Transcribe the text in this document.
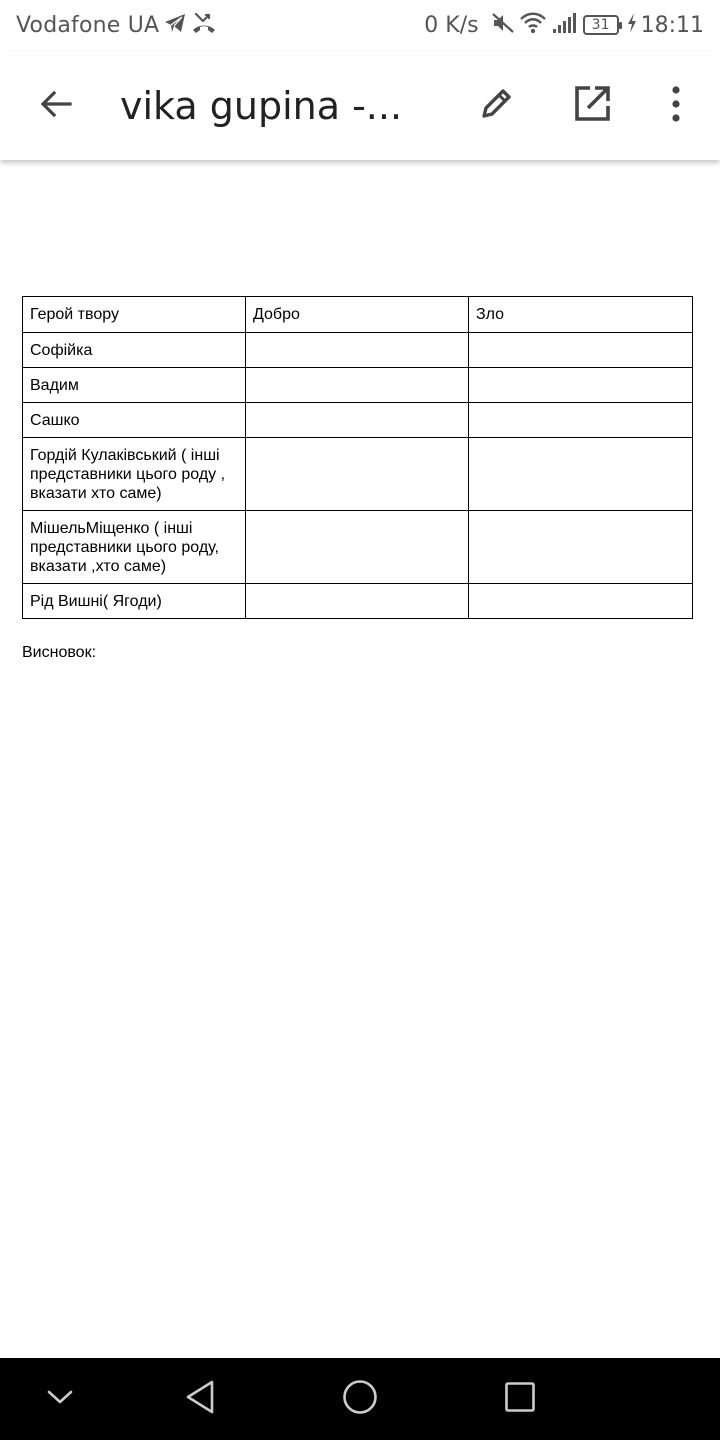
Vodafone UA	0 K/s	31 18:11
vika gupina -...
Герой твору	Добро	Зло
Софійка		
Вадим		
Сашко		
Гордій Кулаківський ( інші представники цього роду , вказати хто саме)		
МішельМіщенко ( інші представники цього роду, вказати ,хто саме)		
Рід Вишні( Ягоди)		
Висновок:
